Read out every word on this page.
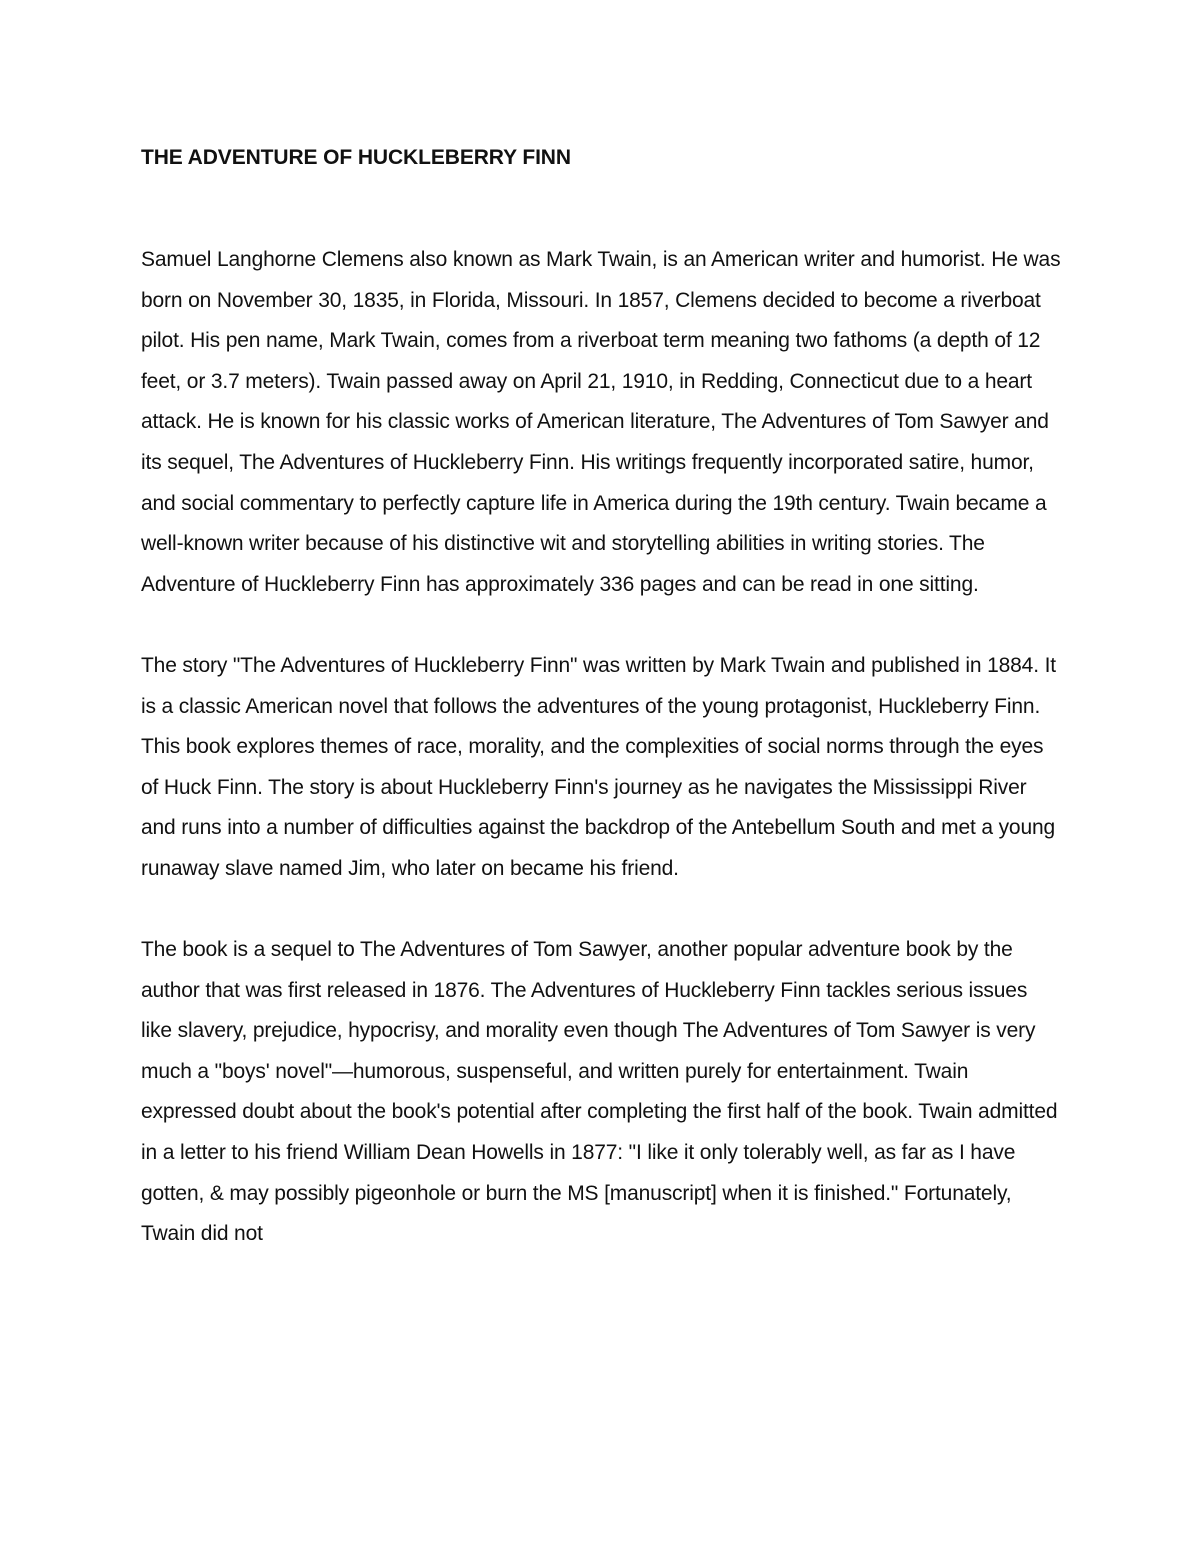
THE ADVENTURE OF HUCKLEBERRY FINN

Samuel Langhorne Clemens also known as Mark Twain, is an American writer and humorist. He was born on November 30, 1835, in Florida, Missouri. In 1857, Clemens decided to become a riverboat pilot. His pen name, Mark Twain, comes from a riverboat term meaning two fathoms (a depth of 12 feet, or 3.7 meters). Twain passed away on April 21, 1910, in Redding, Connecticut due to a heart attack. He is known for his classic works of American literature, The Adventures of Tom Sawyer and its sequel, The Adventures of Huckleberry Finn. His writings frequently incorporated satire, humor, and social commentary to perfectly capture life in America during the 19th century. Twain became a well-known writer because of his distinctive wit and storytelling abilities in writing stories. The Adventure of Huckleberry Finn has approximately 336 pages and can be read in one sitting.

The story "The Adventures of Huckleberry Finn" was written by Mark Twain and published in 1884. It is a classic American novel that follows the adventures of the young protagonist, Huckleberry Finn. This book explores themes of race, morality, and the complexities of social norms through the eyes of Huck Finn. The story is about Huckleberry Finn's journey as he navigates the Mississippi River and runs into a number of difficulties against the backdrop of the Antebellum South and met a young runaway slave named Jim, who later on became his friend.

The book is a sequel to The Adventures of Tom Sawyer, another popular adventure book by the author that was first released in 1876. The Adventures of Huckleberry Finn tackles serious issues like slavery, prejudice, hypocrisy, and morality even though The Adventures of Tom Sawyer is very much a "boys' novel"—humorous, suspenseful, and written purely for entertainment. Twain expressed doubt about the book's potential after completing the first half of the book. Twain admitted in a letter to his friend William Dean Howells in 1877: "I like it only tolerably well, as far as I have gotten, & may possibly pigeonhole or burn the MS [manuscript] when it is finished." Fortunately, Twain did not
